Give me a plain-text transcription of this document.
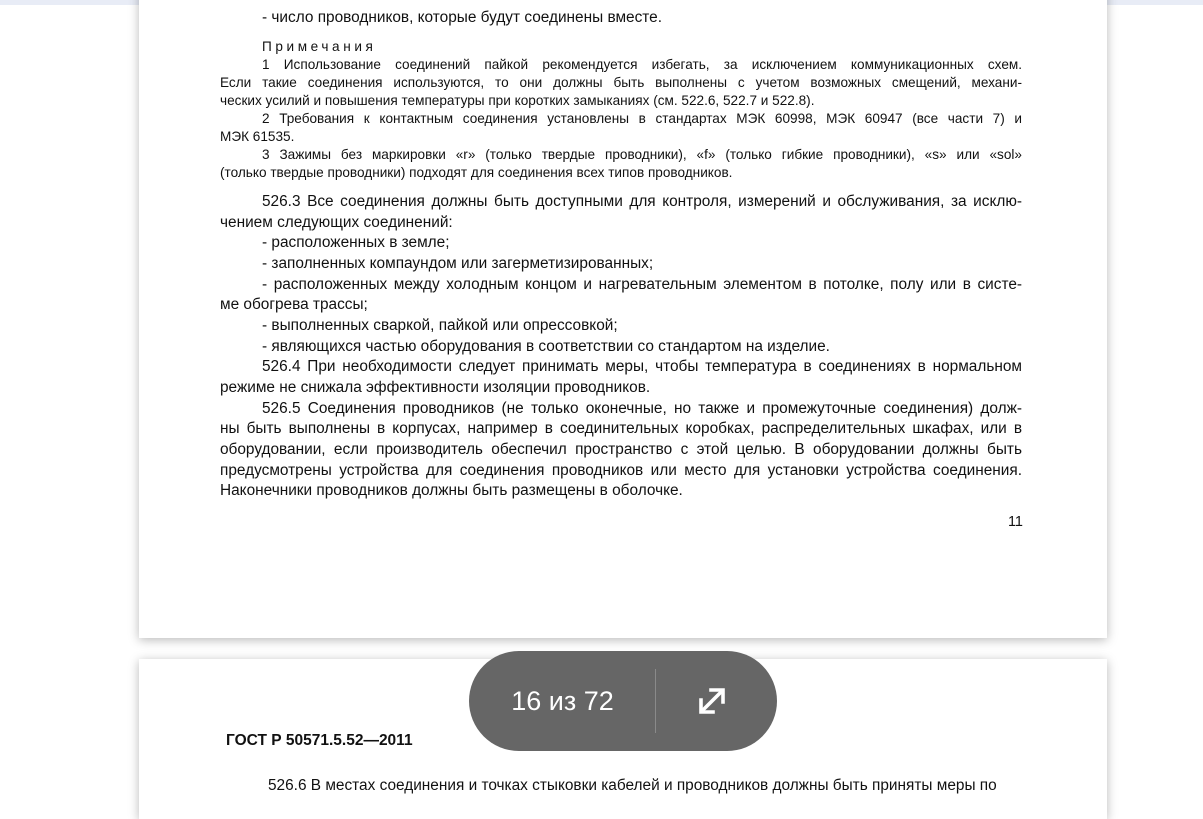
- число проводников, которые будут соединены вместе.
Примечания
1 Использование соединений пайкой рекомендуется избегать, за исключением коммуникационных схем.
Если такие соединения используются, то они должны быть выполнены с учетом возможных смещений, механи-
ческих усилий и повышения температуры при коротких замыканиях (см. 522.6, 522.7 и 522.8).
2 Требования к контактным соединения установлены в стандартах МЭК 60998, МЭК 60947 (все части 7) и
МЭК 61535.
3 Зажимы без маркировки «r» (только твердые проводники), «f» (только гибкие проводники), «s» или «sol»
(только твердые проводники) подходят для соединения всех типов проводников.
526.3 Все соединения должны быть доступными для контроля, измерений и обслуживания, за исклю-
чением следующих соединений:
- расположенных в земле;
- заполненных компаундом или загерметизированных;
- расположенных между холодным концом и нагревательным элементом в потолке, полу или в систе-
ме обогрева трассы;
- выполненных сваркой, пайкой или опрессовкой;
- являющихся частью оборудования в соответствии со стандартом на изделие.
526.4 При необходимости следует принимать меры, чтобы температура в соединениях в нормальном
режиме не снижала эффективности изоляции проводников.
526.5 Соединения проводников (не только оконечные, но также и промежуточные соединения) долж-
ны быть выполнены в корпусах, например в соединительных коробках, распределительных шкафах, или в
оборудовании, если производитель обеспечил пространство с этой целью. В оборудовании должны быть
предусмотрены устройства для соединения проводников или место для установки устройства соединения.
Наконечники проводников должны быть размещены в оболочке.
11
ГОСТ Р 50571.5.52—2011
526.6 В местах соединения и точках стыковки кабелей и проводников должны быть приняты меры по
16 из 72
